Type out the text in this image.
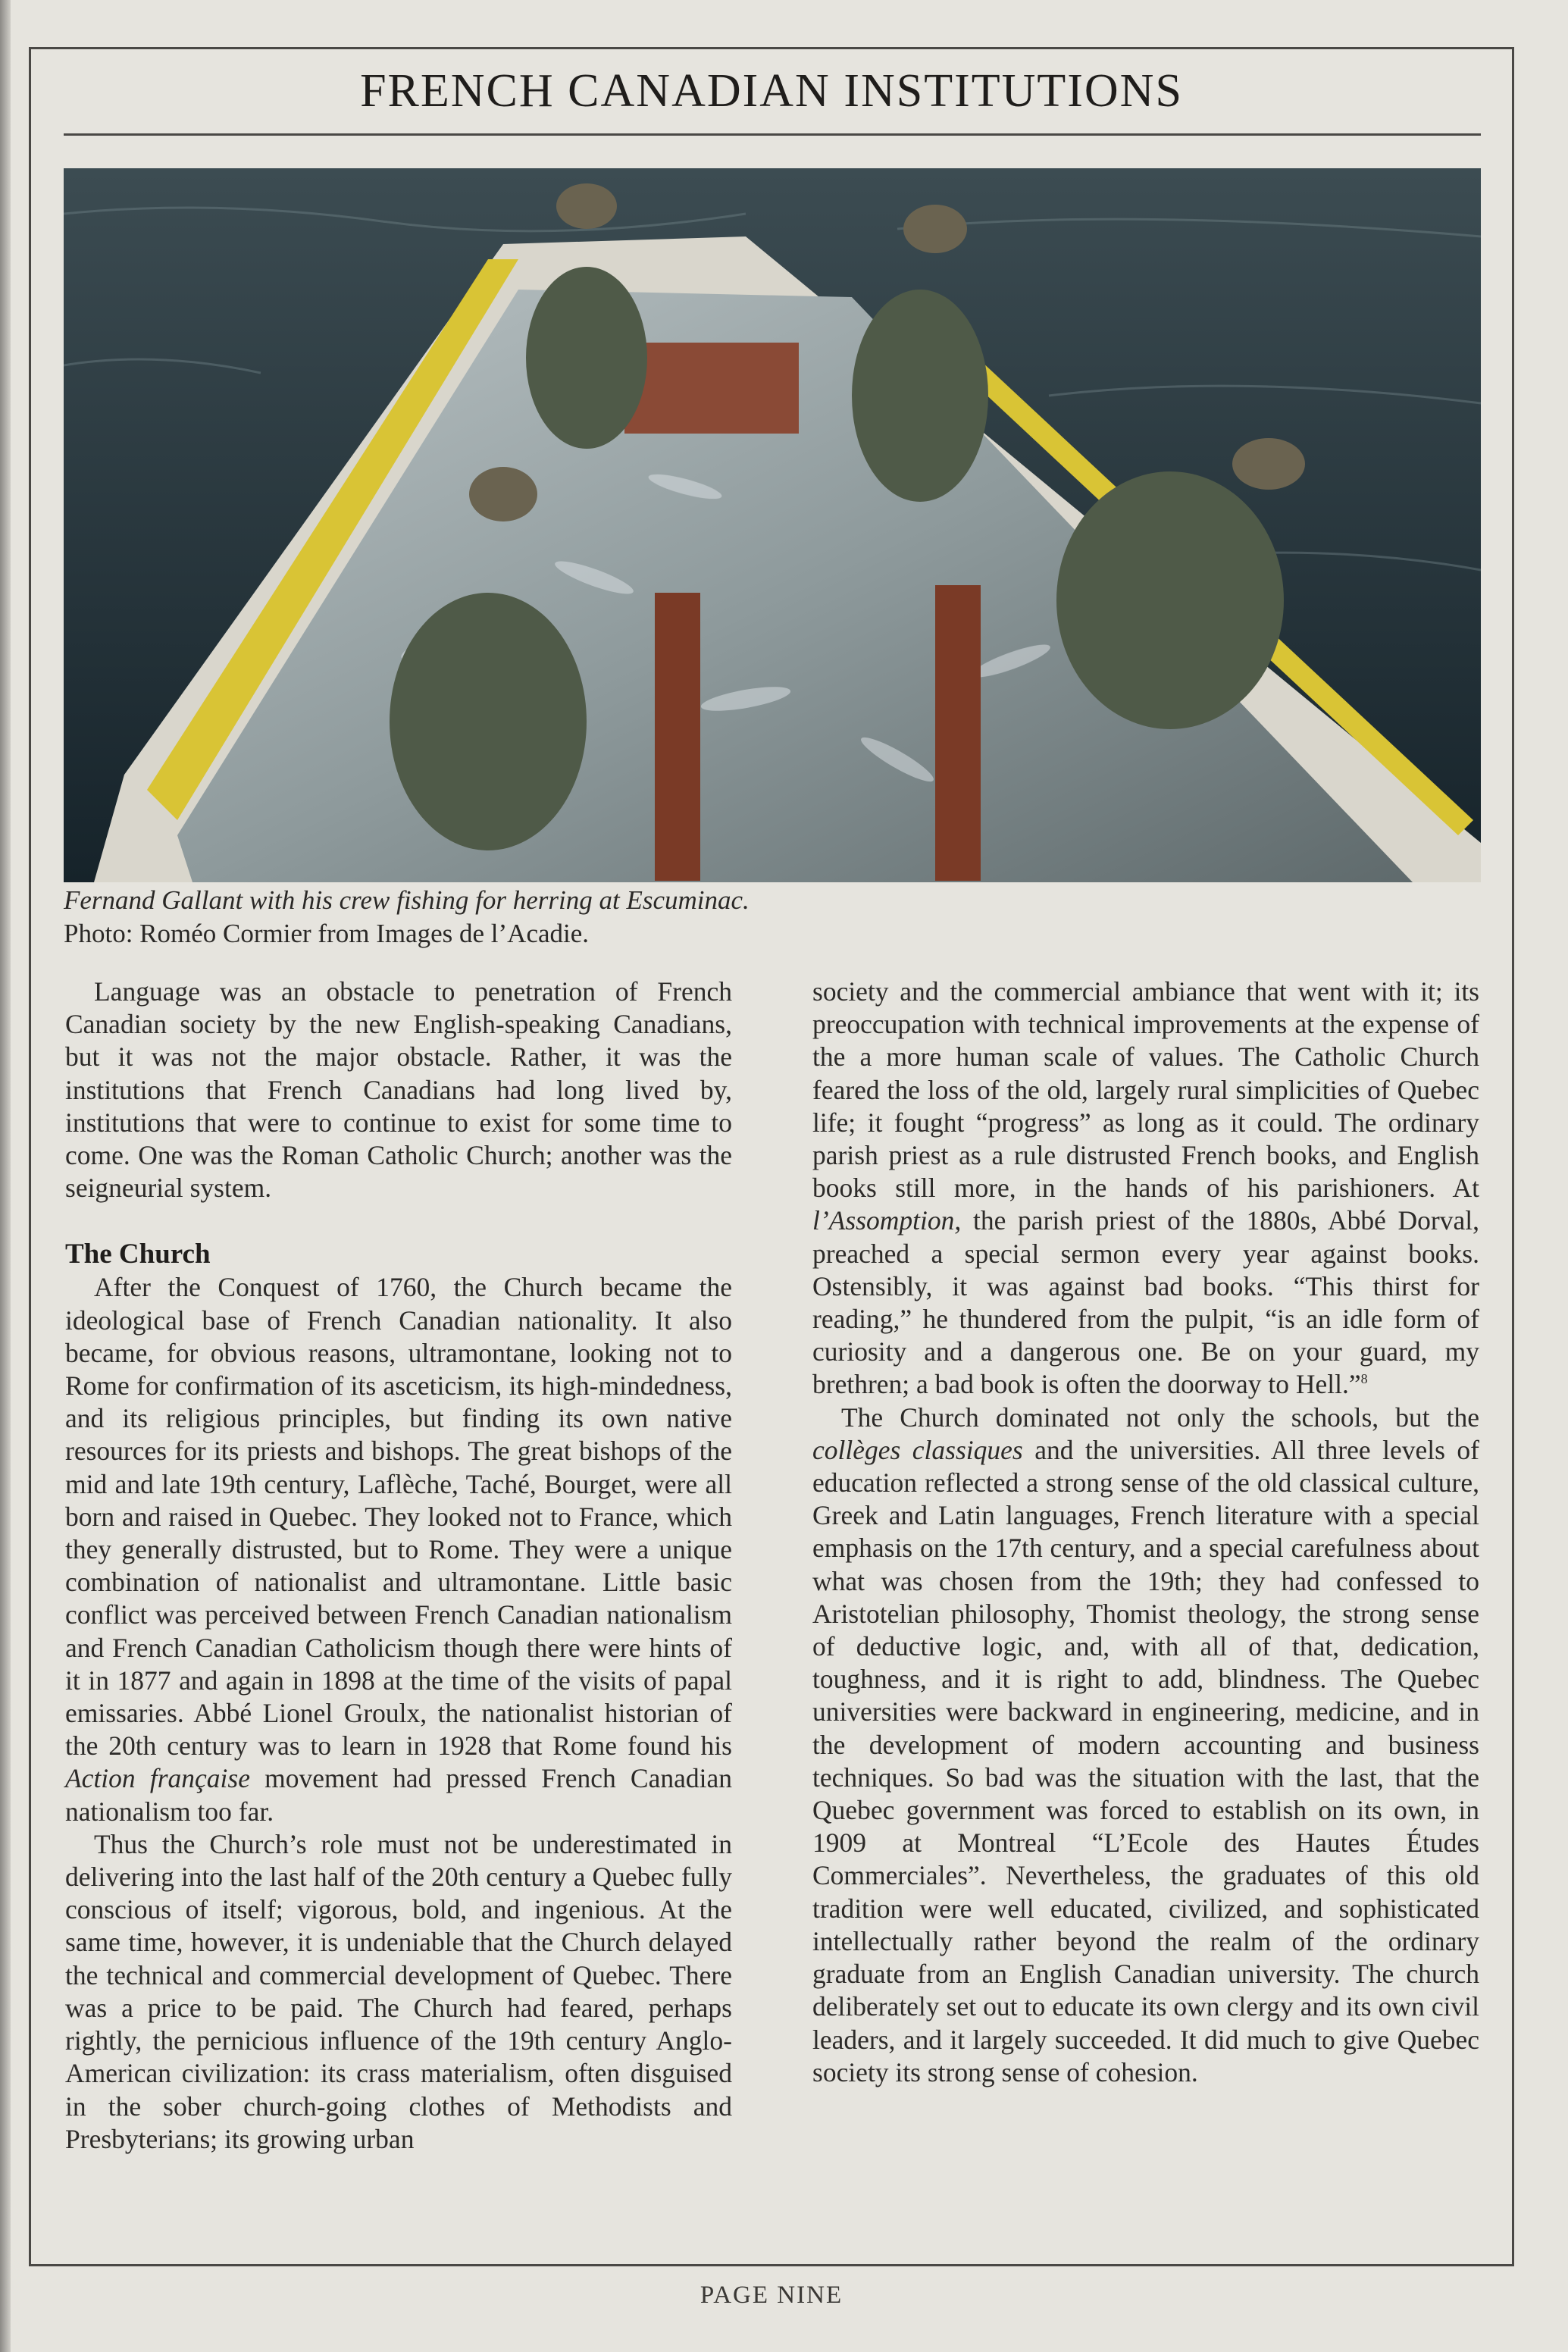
FRENCH CANADIAN INSTITUTIONS
Fernand Gallant with his crew fishing for herring at Escuminac.
Photo: Roméo Cormier from Images de l’Acadie.

Language was an obstacle to penetration of French Canadian society by the new English-speaking Canadians, but it was not the major obstacle. Rather, it was the institutions that French Canadians had long lived by, institutions that were to continue to exist for some time to come. One was the Roman Catholic Church; another was the seigneurial system.

The Church

After the Conquest of 1760, the Church became the ideological base of French Canadian nationality. It also became, for obvious reasons, ultramontane, looking not to Rome for confirmation of its asceticism, its high-mindedness, and its religious principles, but finding its own native resources for its priests and bishops. The great bishops of the mid and late 19th century, Laflèche, Taché, Bourget, were all born and raised in Quebec. They looked not to France, which they generally distrusted, but to Rome. They were a unique combination of nationalist and ultramontane. Little basic conflict was perceived between French Canadian nationalism and French Canadian Catholicism though there were hints of it in 1877 and again in 1898 at the time of the visits of papal emissaries. Abbé Lionel Groulx, the nationalist historian of the 20th century was to learn in 1928 that Rome found his Action française movement had pressed French Canadian nationalism too far.

Thus the Church’s role must not be underestimated in delivering into the last half of the 20th century a Quebec fully conscious of itself; vigorous, bold, and ingenious. At the same time, however, it is undeniable that the Church delayed the technical and commercial development of Quebec. There was a price to be paid. The Church had feared, perhaps rightly, the pernicious influence of the 19th century Anglo-American civilization: its crass materialism, often disguised in the sober church-going clothes of Methodists and Presbyterians; its growing urban

society and the commercial ambiance that went with it; its preoccupation with technical improvements at the expense of the a more human scale of values. The Catholic Church feared the loss of the old, largely rural simplicities of Quebec life; it fought “progress” as long as it could. The ordinary parish priest as a rule distrusted French books, and English books still more, in the hands of his parishioners. At l’Assomption, the parish priest of the 1880s, Abbé Dorval, preached a special sermon every year against books. Ostensibly, it was against bad books. “This thirst for reading,” he thundered from the pulpit, “is an idle form of curiosity and a dangerous one. Be on your guard, my brethren; a bad book is often the doorway to Hell.”$^8$

The Church dominated not only the schools, but the collèges classiques and the universities. All three levels of education reflected a strong sense of the old classical culture, Greek and Latin languages, French literature with a special emphasis on the 17th century, and a special carefulness about what was chosen from the 19th; they had confessed to Aristotelian philosophy, Thomist theology, the strong sense of deductive logic, and, with all of that, dedication, toughness, and it is right to add, blindness. The Quebec universities were backward in engineering, medicine, and in the development of modern accounting and business techniques. So bad was the situation with the last, that the Quebec government was forced to establish on its own, in 1909 at Montreal “L’Ecole des Hautes Études Commerciales”. Nevertheless, the graduates of this old tradition were well educated, civilized, and sophisticated intellectually rather beyond the realm of the ordinary graduate from an English Canadian university. The church deliberately set out to educate its own clergy and its own civil leaders, and it largely succeeded. It did much to give Quebec society its strong sense of cohesion.

PAGE NINE
